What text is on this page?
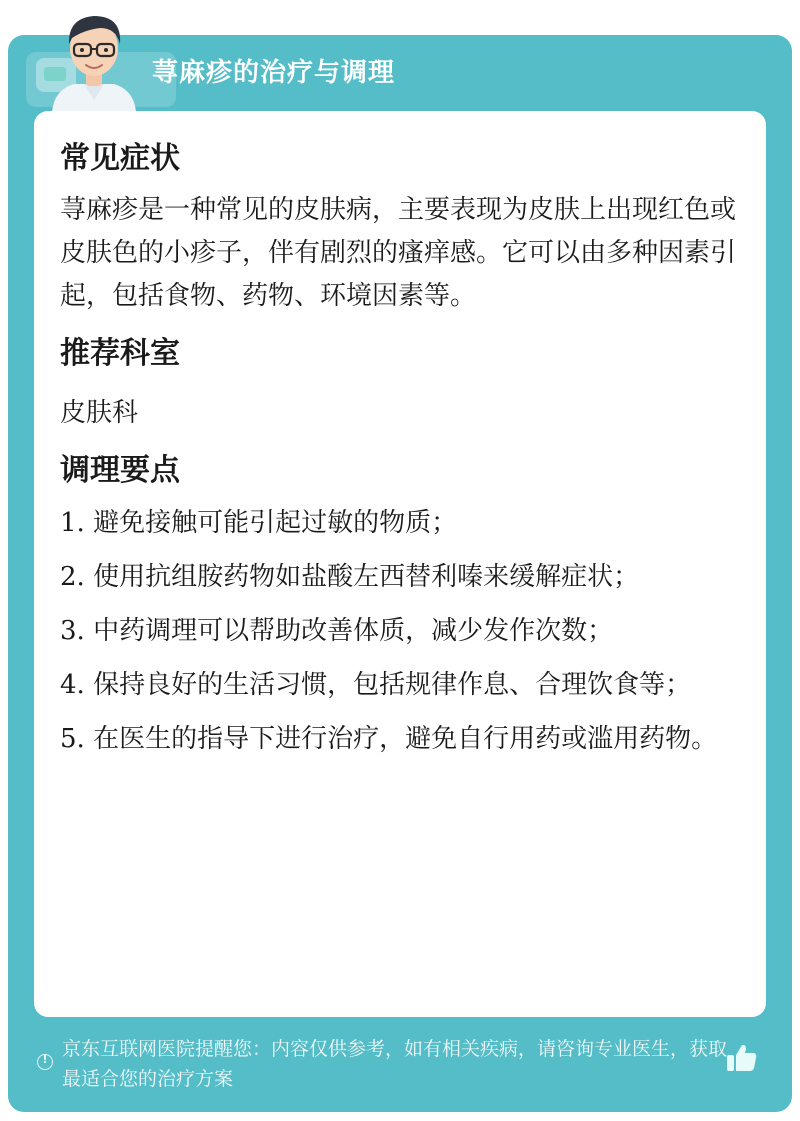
荨麻疹的治疗与调理
常见症状

荨麻疹是一种常见的皮肤病，主要表现为皮肤上出现红色或皮肤色的小疹子，伴有剧烈的瘙痒感。它可以由多种因素引起，包括食物、药物、环境因素等。

推荐科室

皮肤科

调理要点
1. 避免接触可能引起过敏的物质；
2. 使用抗组胺药物如盐酸左西替利嗪来缓解症状；
3. 中药调理可以帮助改善体质，减少发作次数；
4. 保持良好的生活习惯，包括规律作息、合理饮食等；
5. 在医生的指导下进行治疗，避免自行用药或滥用药物。
!
京东互联网医院提醒您：内容仅供参考，如有相关疾病，请咨询专业医生，获取最适合您的治疗方案
